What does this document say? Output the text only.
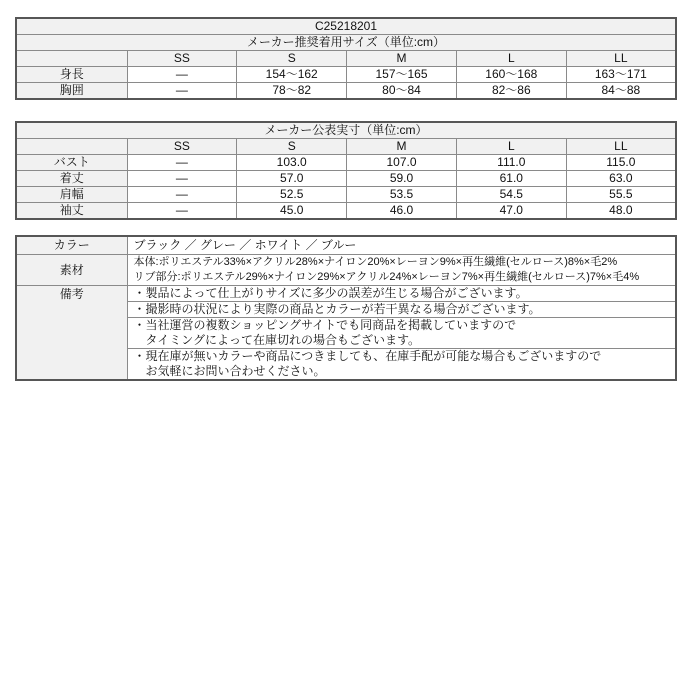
C25218201					
メーカー推奨着用サイズ（単位:cm）					
	SS	S	M	L	LL
身長	—	154～162	157～165	160～168	163～171
胸囲	—	78～82	80～84	82～86	84～88
メーカー公表実寸（単位:cm）					
	SS	S	M	L	LL
バスト	—	103.0	107.0	111.0	115.0
着丈	—	57.0	59.0	61.0	63.0
肩幅	—	52.5	53.5	54.5	55.5
袖丈	—	45.0	46.0	47.0	48.0
カラー	ブラック ／ グレー ／ ホワイト ／ ブルー
素材	本体:ポリエステル33%×アクリル28%×ナイロン20%×レーヨン9%×再生繊維(セルロース)8%×毛2%
リブ部分:ポリエステル29%×ナイロン29%×アクリル24%×レーヨン7%×再生繊維(セルロース)7%×毛4%

備考	・製品によって仕上がりサイズに多少の誤差が生じる場合がございます。
	・撮影時の状況により実際の商品とカラーが若干異なる場合がございます。

	・当社運営の複数ショッピングサイトでも同商品を掲載していますので
タイミングによって在庫切れの場合もございます。

	・現在庫が無いカラーや商品につきましても、在庫手配が可能な場合もございますので
お気軽にお問い合わせください。
